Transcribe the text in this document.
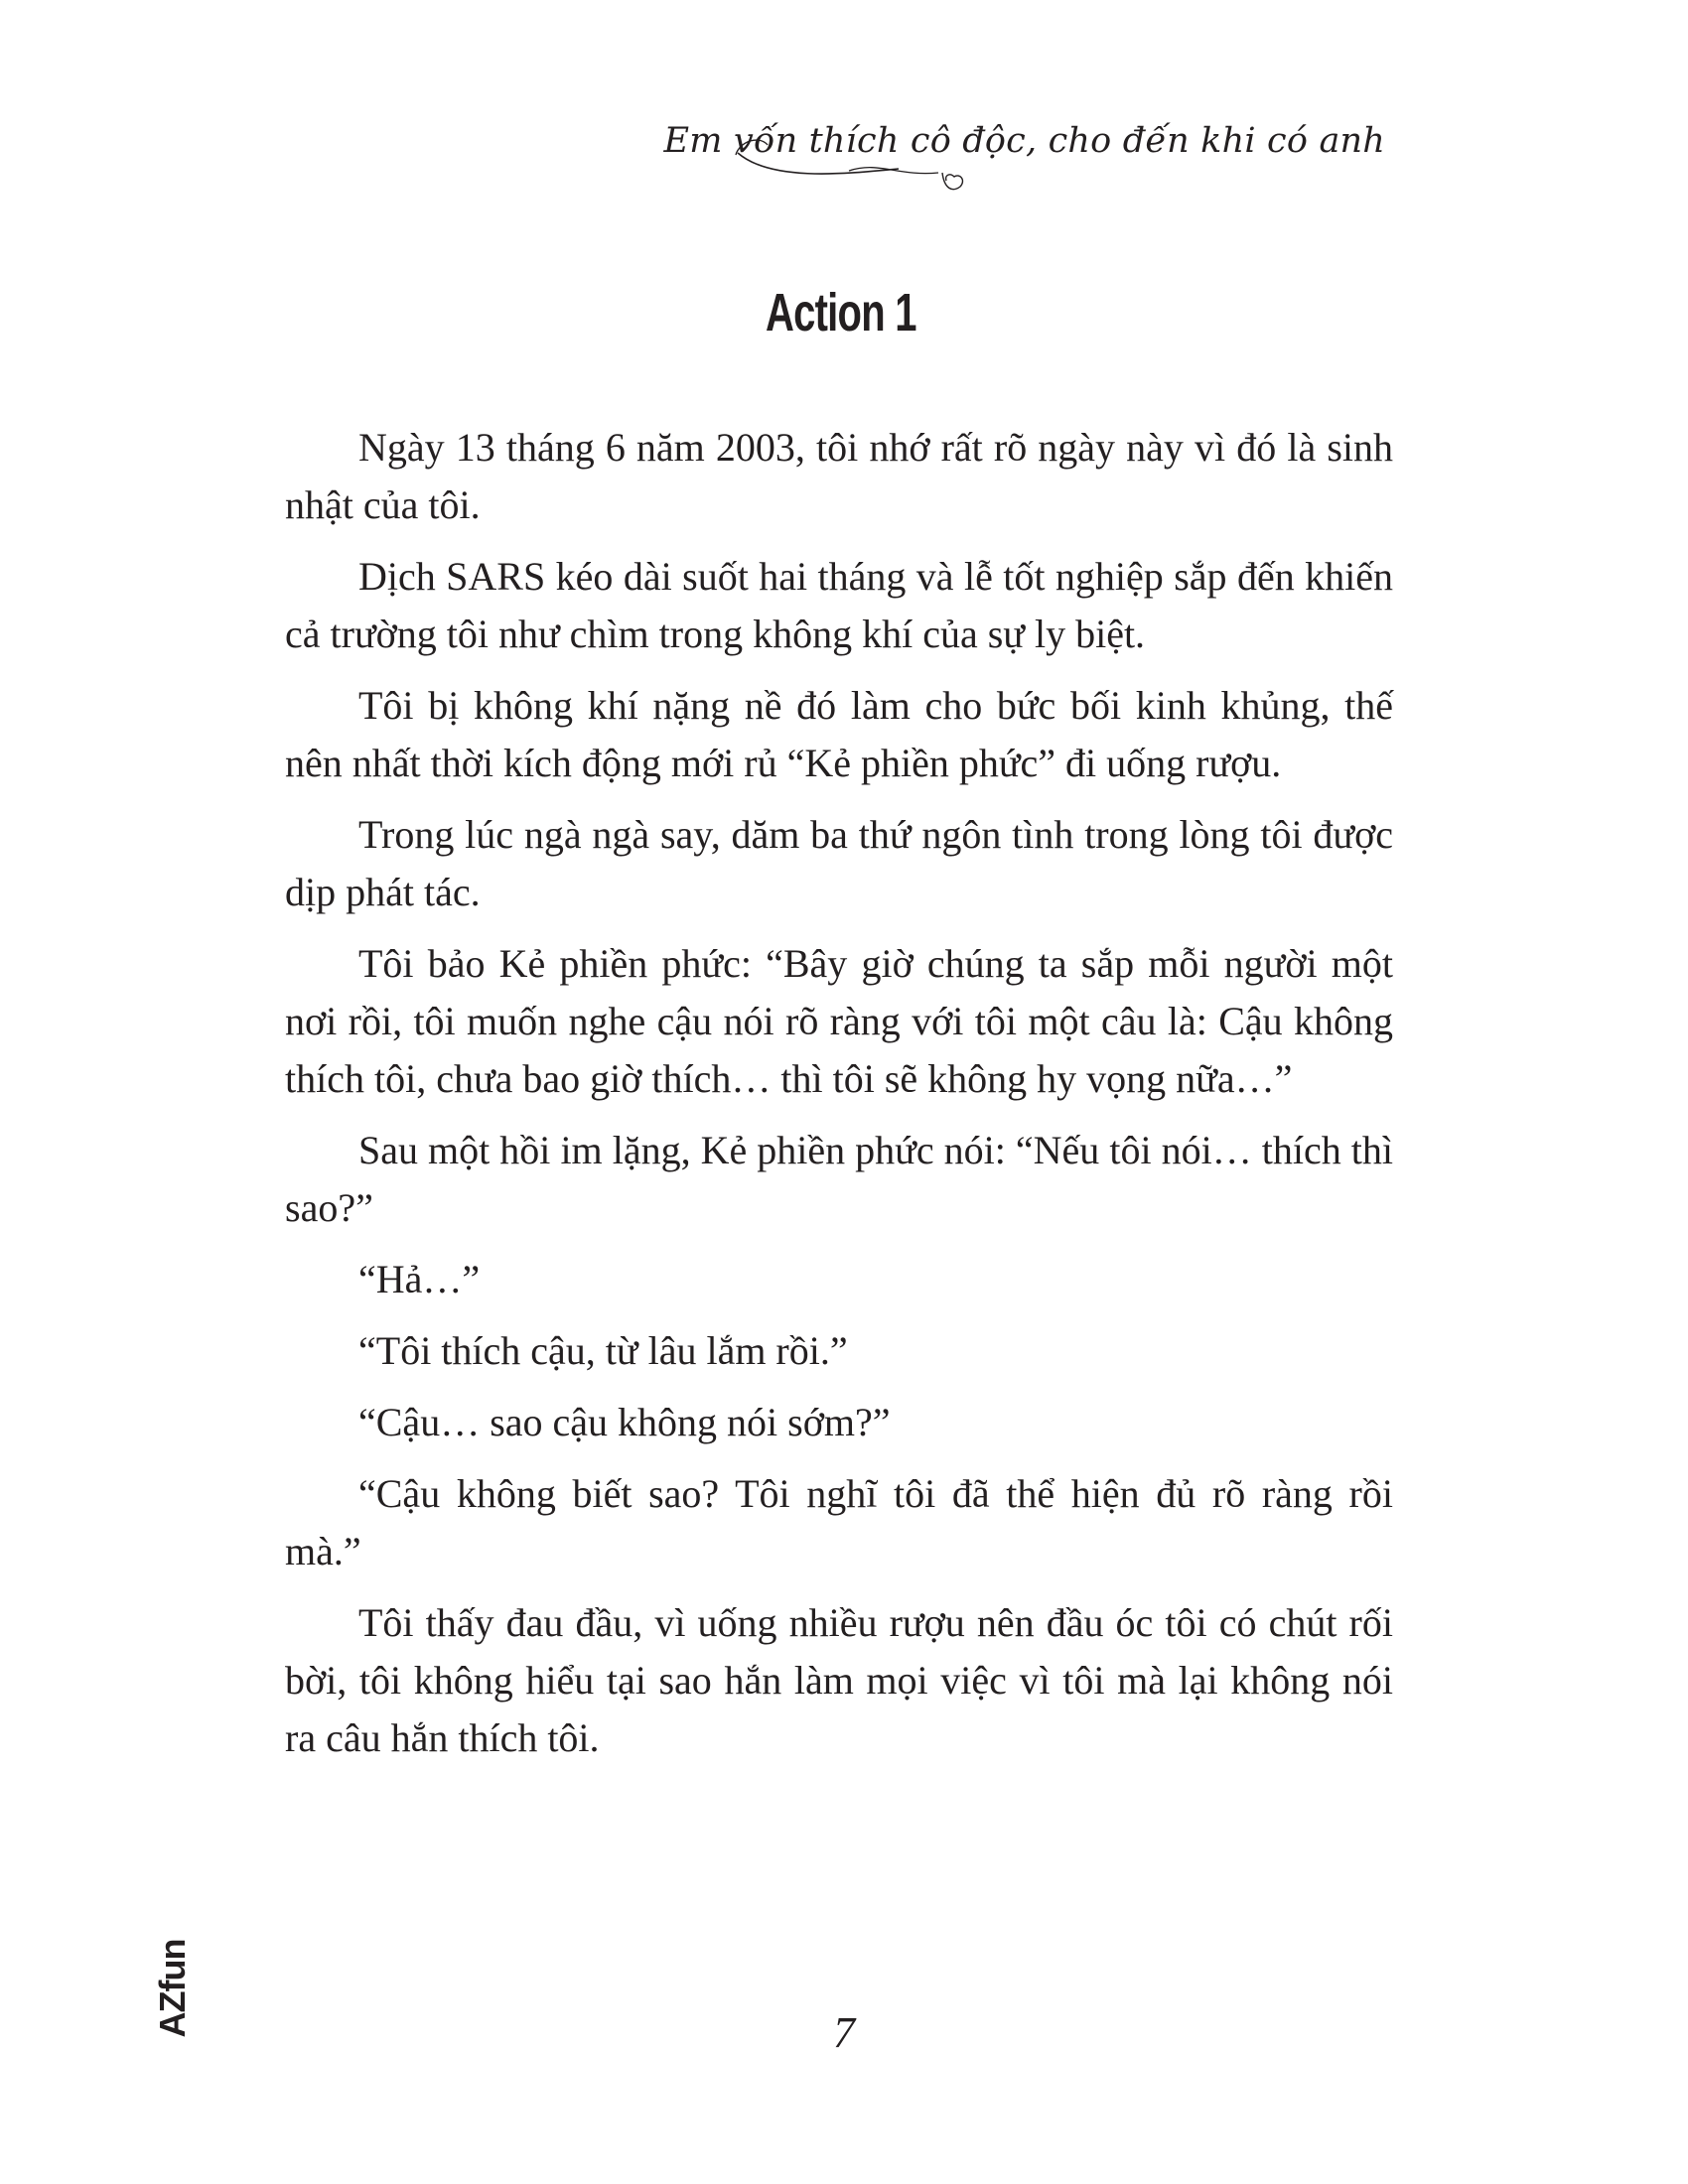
Em vốn thích cô độc, cho đến khi có anh
Action 1

Ngày 13 tháng 6 năm 2003, tôi nhớ rất rõ ngày này vì đó là sinh nhật của tôi.

Dịch SARS kéo dài suốt hai tháng và lễ tốt nghiệp sắp đến khiến cả trường tôi như chìm trong không khí của sự ly biệt.

Tôi bị không khí nặng nề đó làm cho bức bối kinh khủng, thế nên nhất thời kích động mới rủ “Kẻ phiền phức” đi uống rượu.

Trong lúc ngà ngà say, dăm ba thứ ngôn tình trong lòng tôi được dịp phát tác.

Tôi bảo Kẻ phiền phức: “Bây giờ chúng ta sắp mỗi người một nơi rồi, tôi muốn nghe cậu nói rõ ràng với tôi một câu là: Cậu không thích tôi, chưa bao giờ thích… thì tôi sẽ không hy vọng nữa…”

Sau một hồi im lặng, Kẻ phiền phức nói: “Nếu tôi nói… thích thì sao?”

“Hả…”

“Tôi thích cậu, từ lâu lắm rồi.”

“Cậu… sao cậu không nói sớm?”

“Cậu không biết sao? Tôi nghĩ tôi đã thể hiện đủ rõ ràng rồi mà.”

Tôi thấy đau đầu, vì uống nhiều rượu nên đầu óc tôi có chút rối bời, tôi không hiểu tại sao hắn làm mọi việc vì tôi mà lại không nói ra câu hắn thích tôi.

7
AZfun
